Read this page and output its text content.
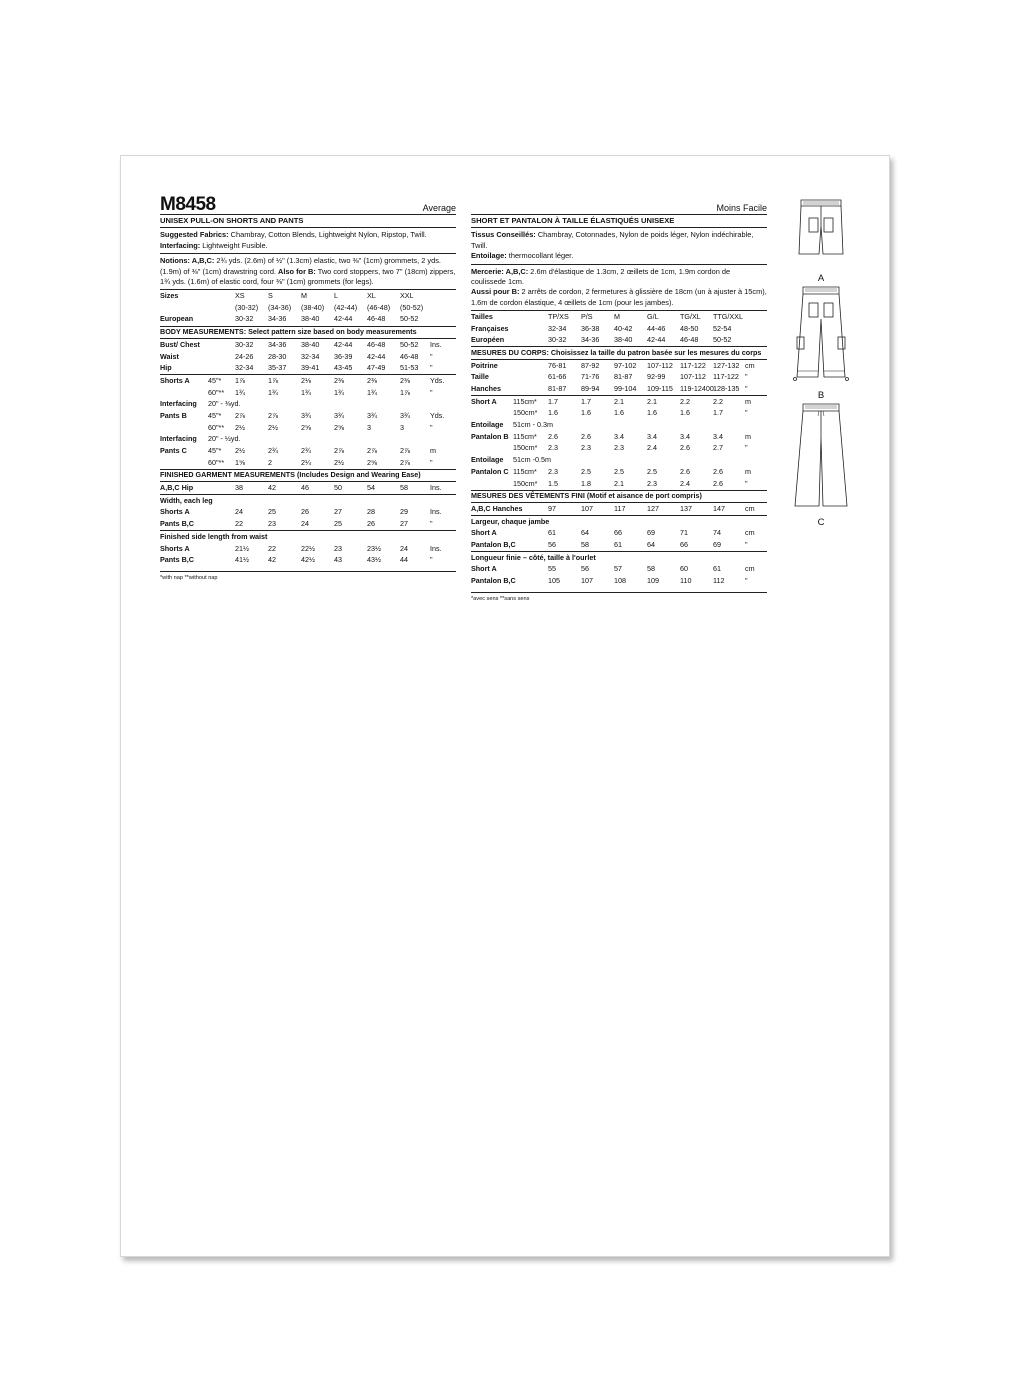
M8458	Average
UNISEX PULL-ON SHORTS AND PANTS
Suggested Fabrics: Chambray, Cotton Blends, Lightweight Nylon, Ripstop, Twill. Interfacing: Lightweight Fusible.
Notions: A,B,C: 2¾ yds. (2.6m) of ½" (1.3cm) elastic, two ⅜" (1cm) grommets, 2 yds. (1.9m) of ⅜" (1cm) drawstring cord. Also for B: Two cord stoppers, two 7" (18cm) zippers, 1¾ yds. (1.6m) of elastic cord, four ⅜" (1cm) grommets (for legs).
Sizes		XS	S	M	L	XL	XXL	
		(30-32)	(34-36)	(38-40)	(42-44)	(46-48)	(50-52)	
European		30-32	34-36	38-40	42-44	46-48	50-52	
BODY MEASUREMENTS: Select pattern size based on body measurements								
Bust/ Chest		30-32	34-36	38-40	42-44	46-48	50-52	Ins.
Waist		24-26	28-30	32-34	36-39	42-44	46-48	"
Hip		32-34	35-37	39-41	43-45	47-49	51-53	"
Shorts A	45"*	1⅞	1⅞	2⅛	2⅜	2⅜	2⅜	Yds.
	60"**	1¾	1¾	1¾	1¾	1¾	1⅞	"
Interfacing	20" - ⅜yd.							
Pants B	45"*	2⅞	2⅞	3¾	3¾	3¾	3¾	Yds.
	60"**	2½	2½	2⅝	2⅝	3	3	"
Interfacing	20" - ½yd.							
Pants C	45"*	2½	2¾	2¾	2⅞	2⅞	2⅞	m
	60"**	1⅝	2	2¼	2½	2⅝	2⅞	"
FINISHED GARMENT MEASUREMENTS (Includes Design and Wearing Ease)								
A,B,C Hip		38	42	46	50	54	58	Ins.
Width, each leg								
Shorts A		24	25	26	27	28	29	Ins.
Pants B,C		22	23	24	25	26	27	"
Finished side length from waist								
Shorts A		21½	22	22½	23	23½	24	Ins.
Pants B,C		41½	42	42½	43	43½	44	"
*with nap **without nap
Moins Facile
SHORT ET PANTALON À TAILLE ÉLASTIQUÉS UNISEXE
Tissus Conseillés: Chambray, Cotonnades, Nylon de poids léger, Nylon indéchirable, Twill.
Entoilage: thermocollant léger.
Mercerie: A,B,C: 2.6m d'élastique de 1.3cm, 2 œillets de 1cm, 1.9m cordon de coulissede 1cm.
Aussi pour B: 2 arrêts de cordon, 2 fermetures à glissière de 18cm (un à ajuster à 15cm), 1.6m de cordon élastique, 4 œillets de 1cm (pour les jambes).
Tailles		TP/XS	P/S	M	G/L	TG/XL	TTG/XXL	
Françaises		32-34	36-38	40-42	44-46	48-50	52-54	
Européen		30-32	34-36	38-40	42-44	46-48	50-52	
MESURES DU CORPS: Choisissez la taille du patron basée sur les mesures du corps								
Poitrine		76-81	87-92	97-102	107-112	117-122	127-132	cm
Taille		61-66	71-76	81-87	92-99	107-112	117-122	"
Hanches		81-87	89-94	99-104	109-115	119-12400	128-135	"
Short A	115cm*	1.7	1.7	2.1	2.1	2.2	2.2	m
	150cm*	1.6	1.6	1.6	1.6	1.6	1.7	"
Entoilage	51cm - 0.3m							
Pantalon B	115cm*	2.6	2.6	3.4	3.4	3.4	3.4	m
	150cm*	2.3	2.3	2.3	2.4	2.6	2.7	"
Entoilage	51cm -0.5m							
Pantalon C	115cm*	2.3	2.5	2.5	2.5	2.6	2.6	m
	150cm*	1.5	1.8	2.1	2.3	2.4	2.6	"
MESURES DES VÊTEMENTS FINI (Motif et aisance de port compris)								
A,B,C Hanches		97	107	117	127	137	147	cm
Largeur, chaque jambe								
Short A		61	64	66	69	71	74	cm
Pantalon B,C		56	58	61	64	66	69	"
Longueur finie – côté, taille à l'ourlet								
Short A		55	56	57	58	60	61	cm
Pantalon B,C		105	107	108	109	110	112	"
*avec sens **sans sens
A
B
C
